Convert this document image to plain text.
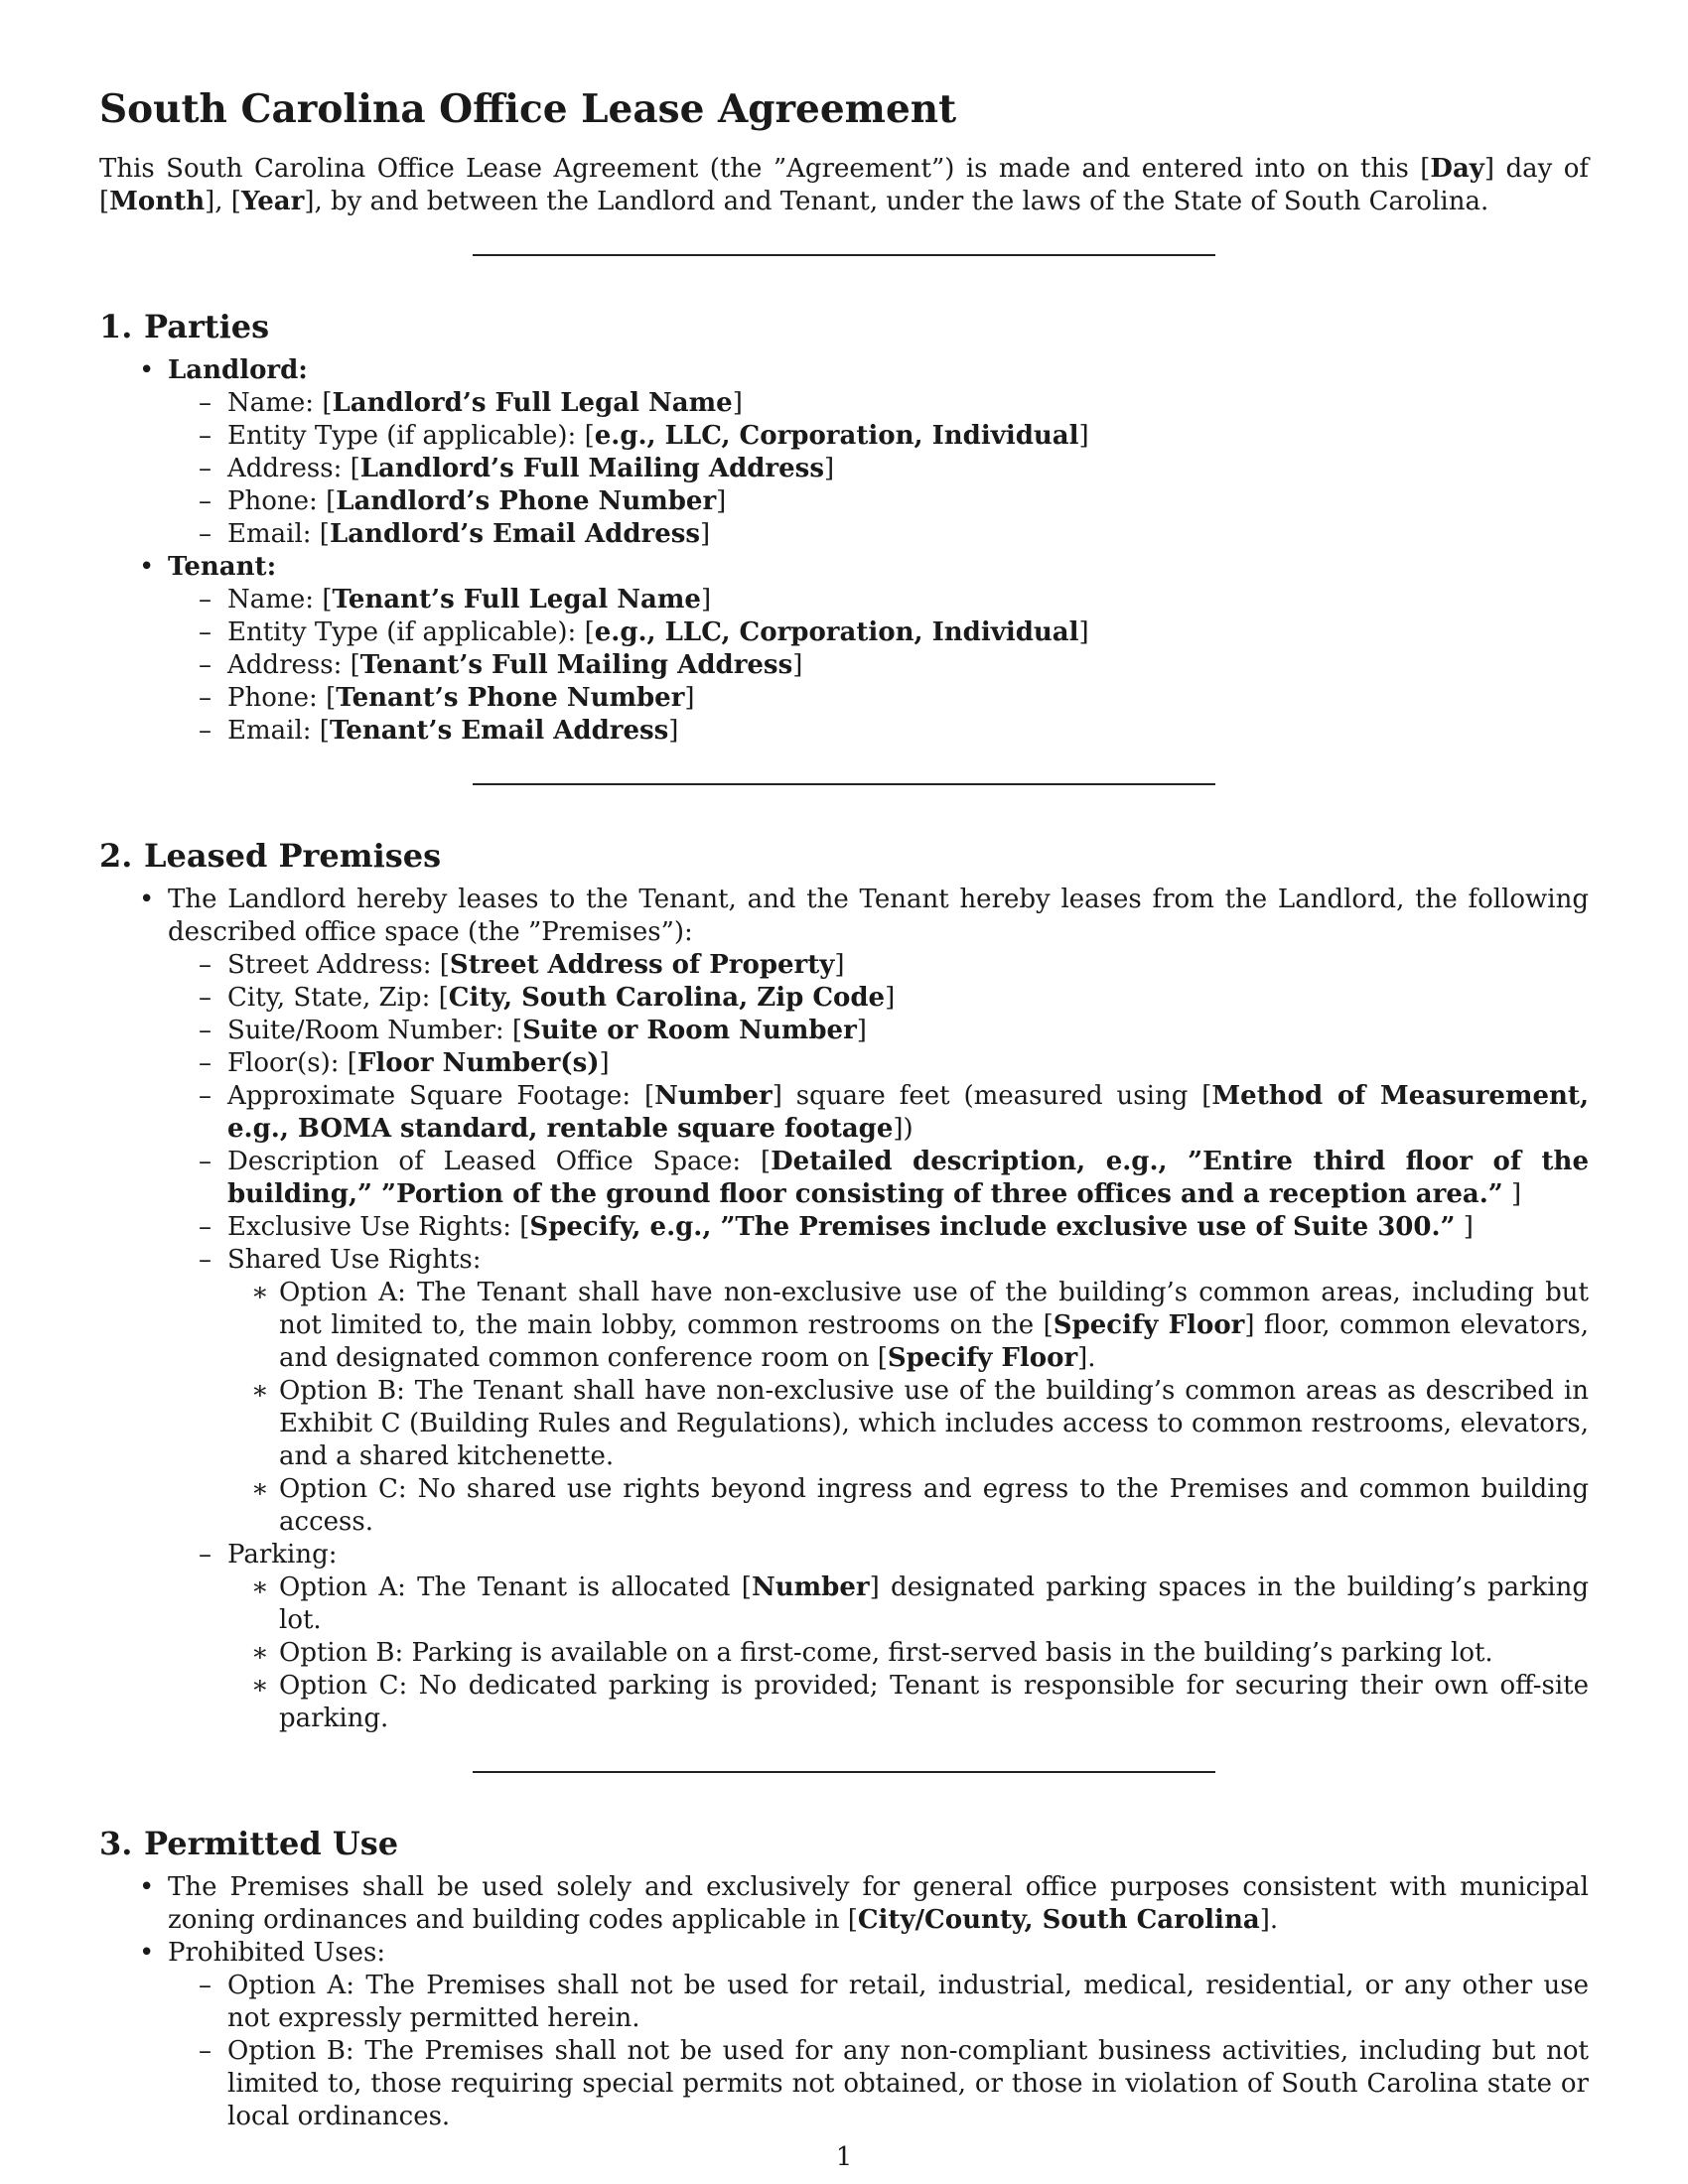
South Carolina Office Lease Agreement

This South Carolina Office Lease Agreement (the ”Agreement”) is made and entered into on this [Day] day of [Month], [Year], by and between the Landlord and Tenant, under the laws of the State of South Carolina.

1. Parties
• Landlord:
– Name: [Landlord’s Full Legal Name]
– Entity Type (if applicable): [e.g., LLC, Corporation, Individual]
– Address: [Landlord’s Full Mailing Address]
– Phone: [Landlord’s Phone Number]
– Email: [Landlord’s Email Address]
• Tenant:
– Name: [Tenant’s Full Legal Name]
– Entity Type (if applicable): [e.g., LLC, Corporation, Individual]
– Address: [Tenant’s Full Mailing Address]
– Phone: [Tenant’s Phone Number]
– Email: [Tenant’s Email Address]
2. Leased Premises
• The Landlord hereby leases to the Tenant, and the Tenant hereby leases from the Landlord, the following described office space (the ”Premises”):
– Street Address: [Street Address of Property]
– City, State, Zip: [City, South Carolina, Zip Code]
– Suite/Room Number: [Suite or Room Number]
– Floor(s): [Floor Number(s)]
– Approximate Square Footage: [Number] square feet (measured using [Method of Measurement, e.g., BOMA standard, rentable square footage])
– Description of Leased Office Space: [Detailed description, e.g., ”Entire third floor of the building,” ”Portion of the ground floor consisting of three offices and a reception area.” ]
– Exclusive Use Rights: [Specify, e.g., ”The Premises include exclusive use of Suite 300.” ]
– Shared Use Rights:
∗ Option A: The Tenant shall have non-exclusive use of the building’s common areas, including but not limited to, the main lobby, common restrooms on the [Specify Floor] floor, common elevators, and designated common conference room on [Specify Floor].
∗ Option B: The Tenant shall have non-exclusive use of the building’s common areas as described in Exhibit C (Building Rules and Regulations), which includes access to common restrooms, elevators, and a shared kitchenette.
∗ Option C: No shared use rights beyond ingress and egress to the Premises and common building access.
– Parking:
∗ Option A: The Tenant is allocated [Number] designated parking spaces in the building’s parking lot.
∗ Option B: Parking is available on a first-come, first-served basis in the building’s parking lot.
∗ Option C: No dedicated parking is provided; Tenant is responsible for securing their own off-site parking.
3. Permitted Use
• The Premises shall be used solely and exclusively for general office purposes consistent with municipal zoning ordinances and building codes applicable in [City/County, South Carolina].
• Prohibited Uses:
– Option A: The Premises shall not be used for retail, industrial, medical, residential, or any other use not expressly permitted herein.
– Option B: The Premises shall not be used for any non-compliant business activities, including but not limited to, those requiring special permits not obtained, or those in violation of South Carolina state or local ordinances.
1
